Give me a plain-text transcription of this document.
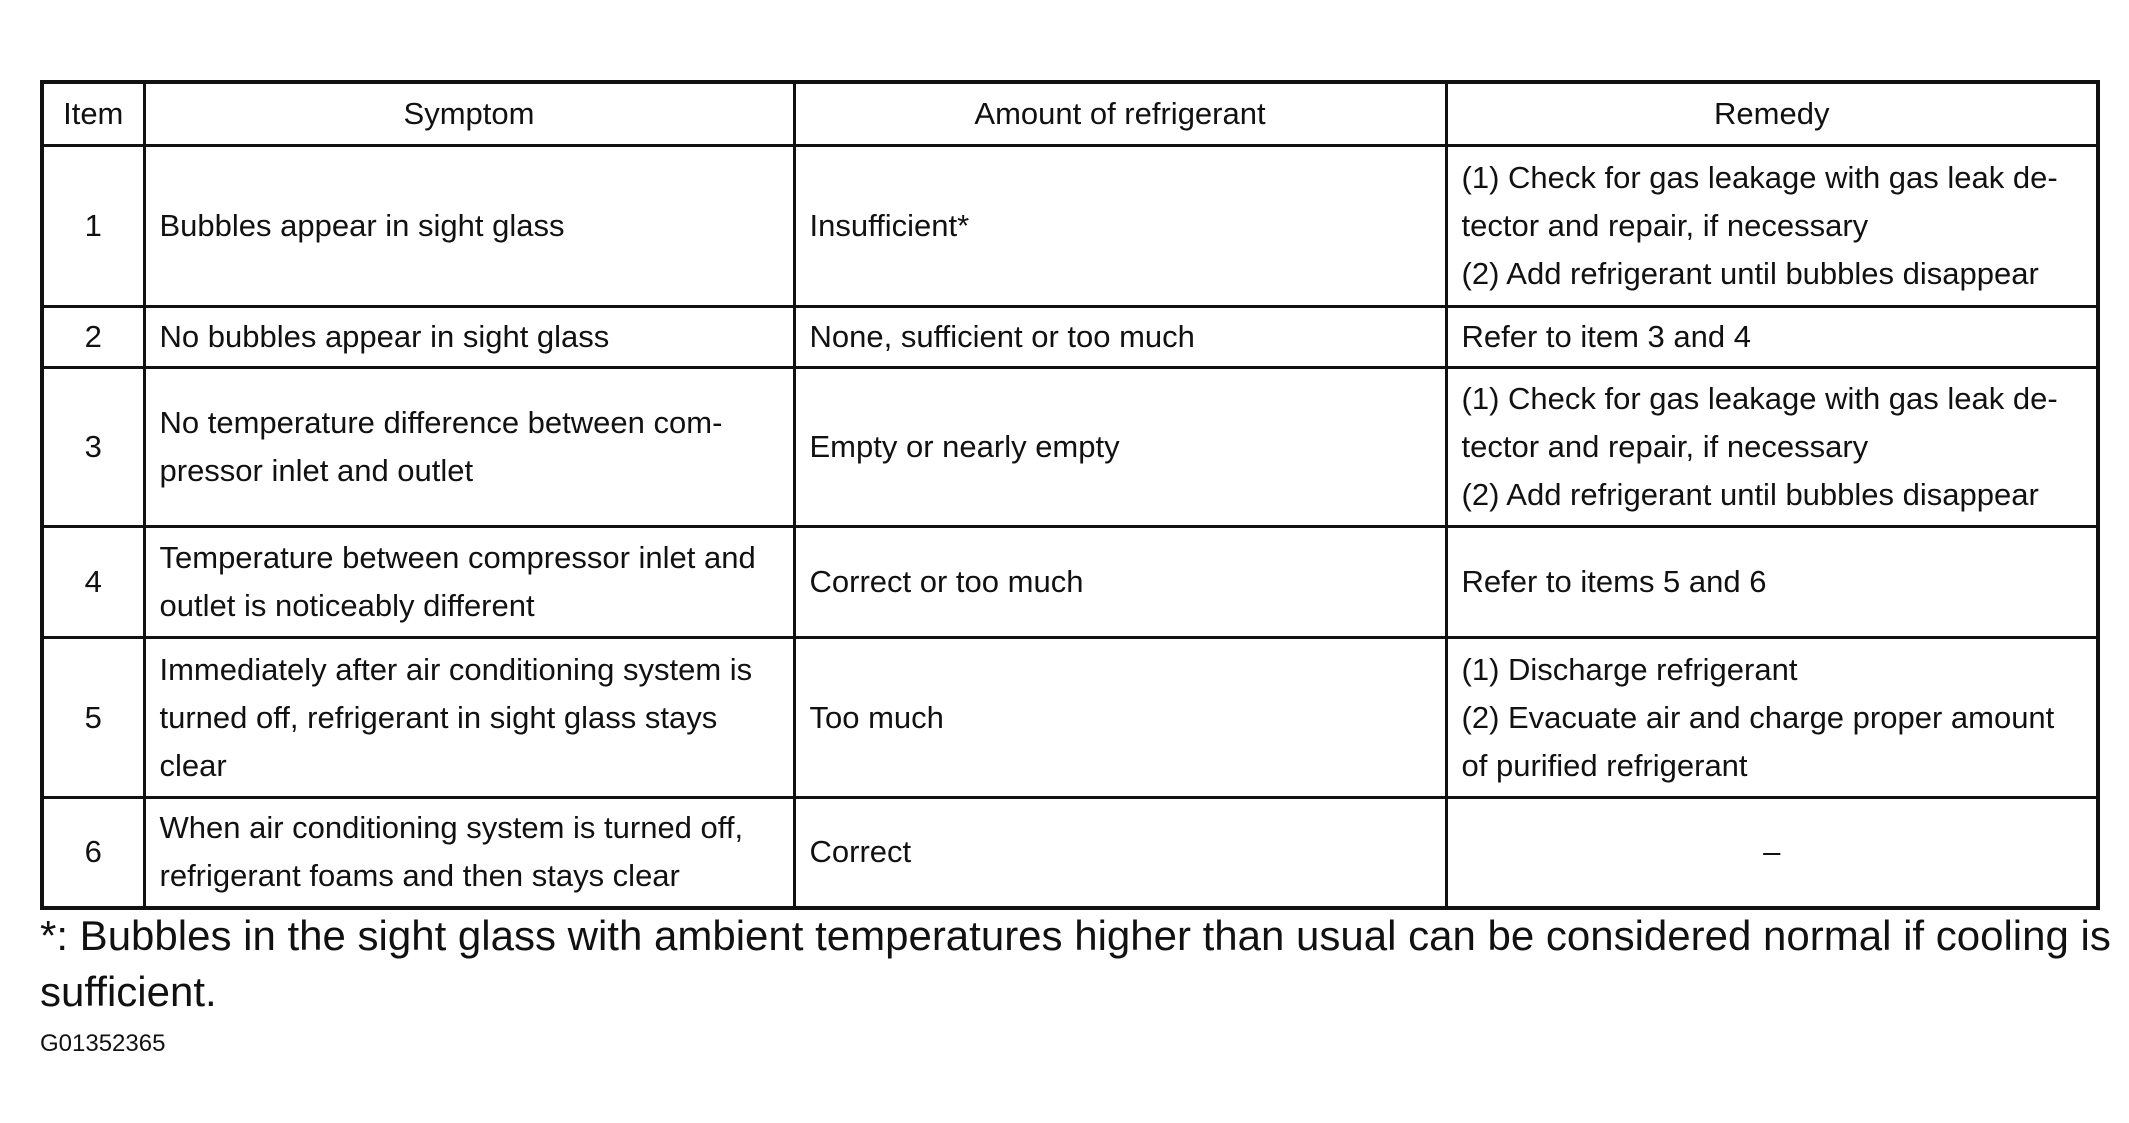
Item	Symptom	Amount of refrigerant	Remedy
1	Bubbles appear in sight glass	Insufficient*	(1) Check for gas leakage with gas leak de-
tector and repair, if necessary
(2) Add refrigerant until bubbles disappear

2	No bubbles appear in sight glass	None, sufficient or too much	Refer to item 3 and 4

3	No temperature difference between com-
pressor inlet and outlet	Empty or nearly empty	(1) Check for gas leakage with gas leak de-
tector and repair, if necessary
(2) Add refrigerant until bubbles disappear

4	Temperature between compressor inlet and
outlet is noticeably different	Correct or too much	Refer to items 5 and 6

5	Immediately after air conditioning system is
turned off, refrigerant in sight glass stays
clear	Too much	(1) Discharge refrigerant
(2) Evacuate air and charge proper amount
of purified refrigerant

6	When air conditioning system is turned off,
refrigerant foams and then stays clear	Correct	–

*: Bubbles in the sight glass with ambient temperatures higher than usual can be considered normal if cooling is sufficient.

G01352365
